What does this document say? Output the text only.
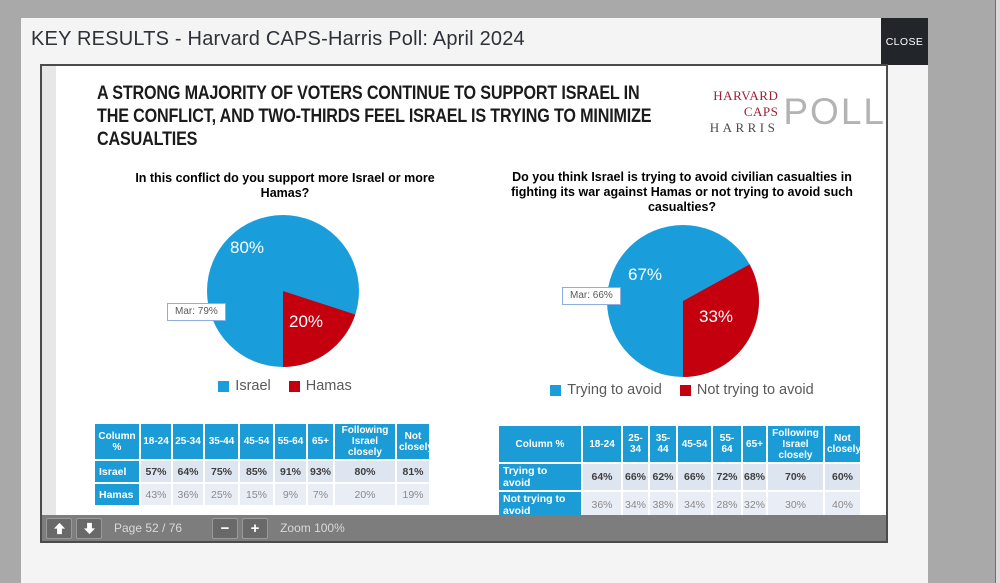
KEY RESULTS - Harvard CAPS-Harris Poll: April 2024	CLOSE
A STRONG MAJORITY OF VOTERS CONTINUE TO SUPPORT ISRAEL IN
THE CONFLICT, AND TWO-THIRDS FEEL ISRAEL IS TRYING TO MINIMIZE
CASUALTIES
HARVARD CAPS
HARRIS POLL
In this conflict do you support more Israel or more
Hamas?
Do you think Israel is trying to avoid civilian casualties in
fighting its war against Hamas or not trying to avoid such
casualties?
80%
20%
67%
33%
Mar: 79%
Mar: 66%
Israel Hamas	Trying to avoid Not trying to avoid
Column %	18-24	25-34	35-44	45-54	55-64	65+	Following Israel closely	Not closely
Israel	57%	64%	75%	85%	91%	93%	80%	81%
Hamas	43%	36%	25%	15%	9%	7%	20%	19%
Column %	18-24	25-34	35-44	45-54	55-64	65+	Following Israel closely	Not closely
Trying to avoid	64%	66%	62%	66%	72%	68%	70%	60%
Not trying to avoid	36%	34%	38%	34%	28%	32%	30%	40%
Page 52 / 76	− + Zoom 100%
